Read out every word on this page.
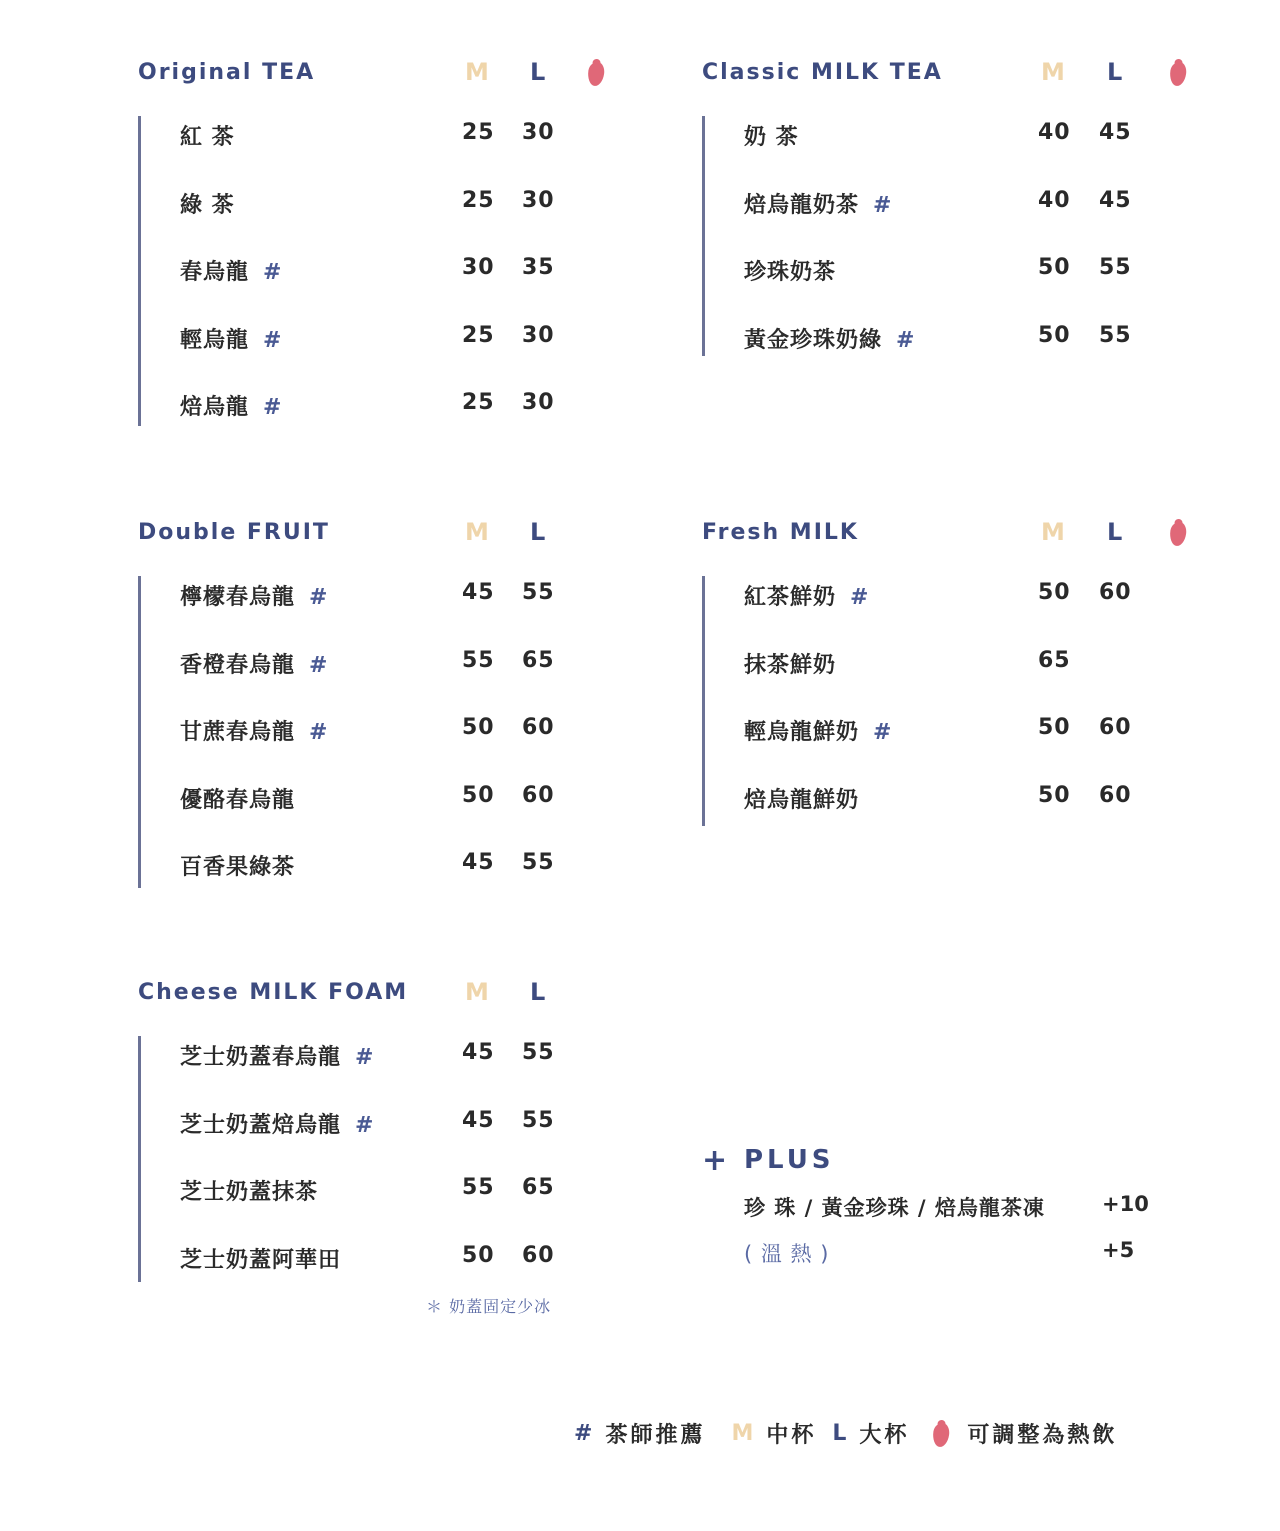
Original TEA	M L
紅 茶	25 30
綠 茶	25 30
春烏龍 #	30 35
輕烏龍 #	25 30
焙烏龍 #	25 30
Classic MILK TEA	M L
奶 茶	40 45
焙烏龍奶茶 #	40 45
珍珠奶茶	50 55
黃金珍珠奶綠 #	50 55
Double FRUIT	M L
檸檬春烏龍 #	45 55
香橙春烏龍 #	55 65
甘蔗春烏龍 #	50 60
優酪春烏龍	50 60
百香果綠茶	45 55
Fresh MILK	M L
紅茶鮮奶 #	50 60
抹茶鮮奶	65
輕烏龍鮮奶 #	50 60
焙烏龍鮮奶	50 60
Cheese MILK FOAM M L
芝士奶蓋春烏龍 #	45 55
芝士奶蓋焙烏龍 #	45 55
芝士奶蓋抹茶	55 65
芝士奶蓋阿華田	50 60
＊ 奶蓋固定少冰
+ PLUS
珍 珠 / 黃金珍珠 / 焙烏龍茶凍	+10
( 溫 熱 )	+5
# 茶師推薦 M 中杯 L 大杯	可調整為熱飲
